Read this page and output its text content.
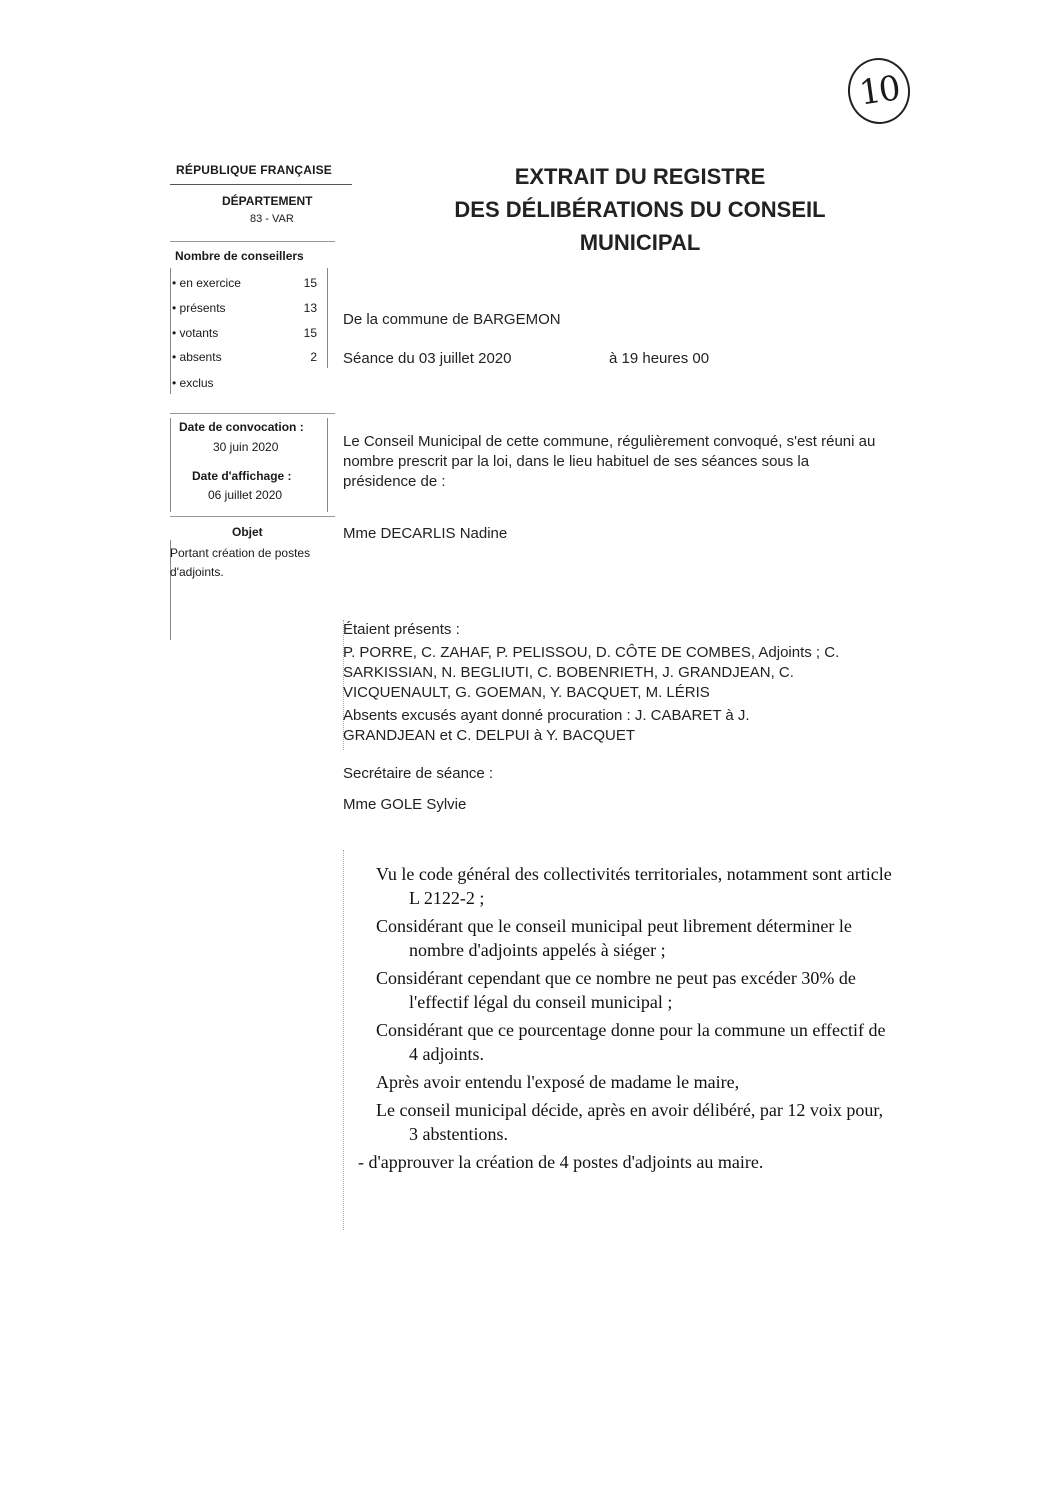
10
RÉPUBLIQUE FRANÇAISE
DÉPARTEMENT
83 - VAR
Nombre de conseillers
• en exercice	15
• présents	13
• votants	15
• absents	2
• exclus
Date de convocation :
30 juin 2020
Date d'affichage :
06 juillet 2020
Objet
Portant création de postes d'adjoints.
EXTRAIT DU REGISTRE
DES DÉLIBÉRATIONS DU CONSEIL
MUNICIPAL
De la commune de BARGEMON
Séance du 03 juillet 2020	à 19 heures 00
Le Conseil Municipal de cette commune, régulièrement convoqué, s'est réuni au nombre prescrit par la loi, dans le lieu habituel de ses séances sous la présidence de :
Mme DECARLIS Nadine
Étaient présents :
P. PORRE, C. ZAHAF, P. PELISSOU, D. CÔTE DE COMBES, Adjoints ; C. SARKISSIAN, N. BEGLIUTI, C. BOBENRIETH, J. GRANDJEAN, C. VICQUENAULT, G. GOEMAN, Y. BACQUET, M. LÉRIS
Absents excusés ayant donné procuration : J. CABARET à J. GRANDJEAN et C. DELPUI à Y. BACQUET
Secrétaire de séance :
Mme GOLE Sylvie

Vu le code général des collectivités territoriales, notamment sont article L 2122-2 ;

Considérant que le conseil municipal peut librement déterminer le nombre d'adjoints appelés à siéger ;

Considérant cependant que ce nombre ne peut pas excéder 30% de l'effectif légal du conseil municipal ;

Considérant que ce pourcentage donne pour la commune un effectif de 4 adjoints.

Après avoir entendu l'exposé de madame le maire,

Le conseil municipal décide, après en avoir délibéré, par 12 voix pour, 3 abstentions.

- d'approuver la création de 4 postes d'adjoints au maire.
